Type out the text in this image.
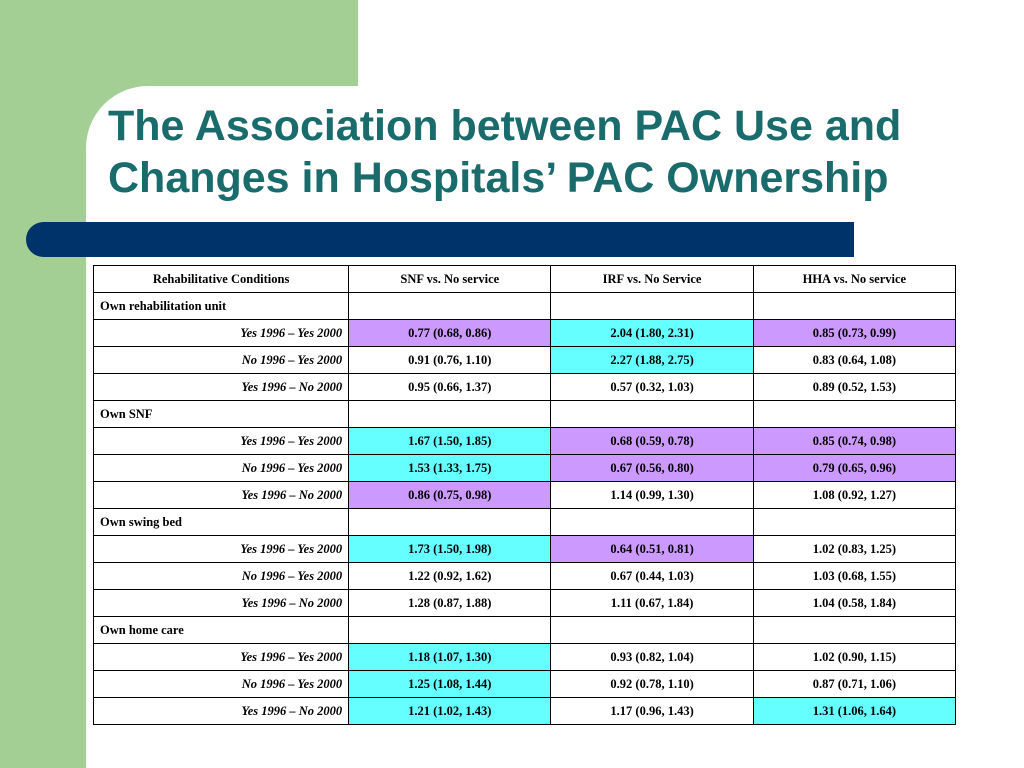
The Association between PAC Use and
Changes in Hospitals’ PAC Ownership
Rehabilitative Conditions	SNF vs. No service	IRF vs. No Service	HHA vs. No service
Own rehabilitation unit			
Yes 1996 – Yes 2000	0.77 (0.68, 0.86)	2.04 (1.80, 2.31)	0.85 (0.73, 0.99)
No 1996 – Yes 2000	0.91 (0.76, 1.10)	2.27 (1.88, 2.75)	0.83 (0.64, 1.08)
Yes 1996 – No 2000	0.95 (0.66, 1.37)	0.57 (0.32, 1.03)	0.89 (0.52, 1.53)
Own SNF			
Yes 1996 – Yes 2000	1.67 (1.50, 1.85)	0.68 (0.59, 0.78)	0.85 (0.74, 0.98)
No 1996 – Yes 2000	1.53 (1.33, 1.75)	0.67 (0.56, 0.80)	0.79 (0.65, 0.96)
Yes 1996 – No 2000	0.86 (0.75, 0.98)	1.14 (0.99, 1.30)	1.08 (0.92, 1.27)
Own swing bed			
Yes 1996 – Yes 2000	1.73 (1.50, 1.98)	0.64 (0.51, 0.81)	1.02 (0.83, 1.25)
No 1996 – Yes 2000	1.22 (0.92, 1.62)	0.67 (0.44, 1.03)	1.03 (0.68, 1.55)
Yes 1996 – No 2000	1.28 (0.87, 1.88)	1.11 (0.67, 1.84)	1.04 (0.58, 1.84)
Own home care			
Yes 1996 – Yes 2000	1.18 (1.07, 1.30)	0.93 (0.82, 1.04)	1.02 (0.90, 1.15)
No 1996 – Yes 2000	1.25 (1.08, 1.44)	0.92 (0.78, 1.10)	0.87 (0.71, 1.06)
Yes 1996 – No 2000	1.21 (1.02, 1.43)	1.17 (0.96, 1.43)	1.31 (1.06, 1.64)
